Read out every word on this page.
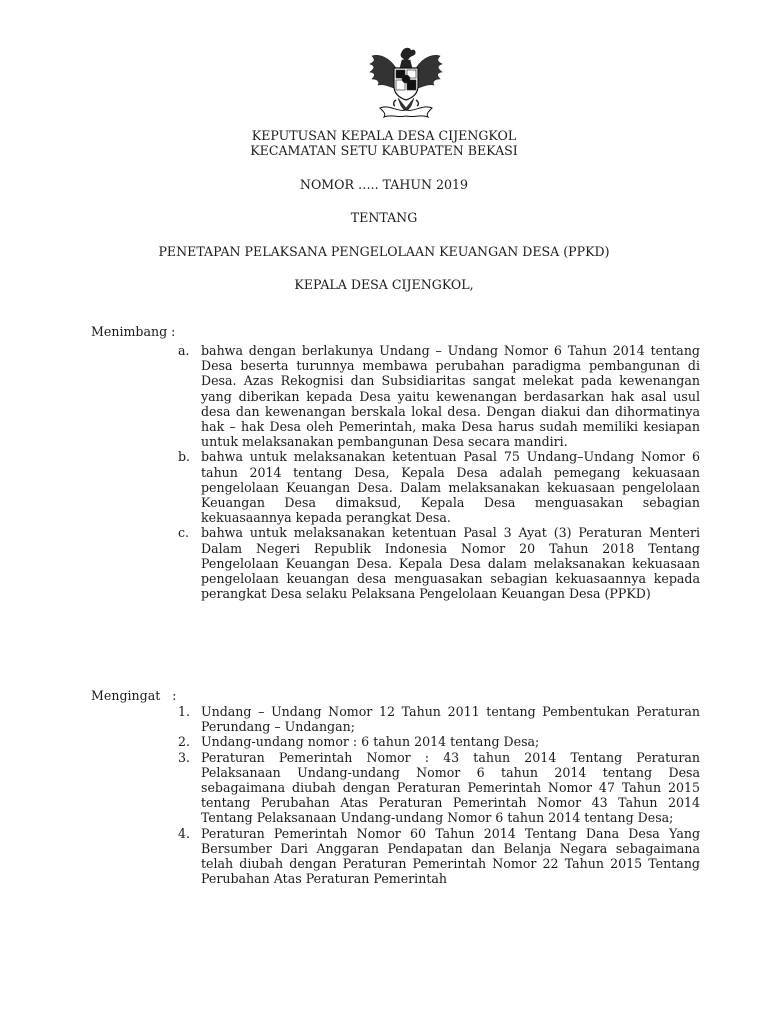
KEPUTUSAN KEPALA DESA CIJENGKOL
KECAMATAN SETU KABUPATEN BEKASI
NOMOR ….. TAHUN 2019
TENTANG
PENETAPAN PELAKSANA PENGELOLAAN KEUANGAN DESA (PPKD)
KEPALA DESA CIJENGKOL,
Menimbang :
a. bahwa dengan berlakunya Undang – Undang Nomor 6 Tahun 2014 tentang Desa beserta turunnya membawa perubahan paradigma pembangunan di Desa. Azas Rekognisi dan Subsidiaritas sangat melekat pada kewenangan yang diberikan kepada Desa yaitu kewenangan berdasarkan hak asal usul desa dan kewenangan berskala lokal desa. Dengan diakui dan dihormatinya hak – hak Desa oleh Pemerintah, maka Desa harus sudah memiliki kesiapan untuk melaksanakan pembangunan Desa secara mandiri.
b. bahwa untuk melaksanakan ketentuan Pasal 75 Undang–Undang Nomor 6 tahun 2014 tentang Desa, Kepala Desa adalah pemegang kekuasaan pengelolaan Keuangan Desa. Dalam melaksanakan kekuasaan pengelolaan Keuangan Desa dimaksud, Kepala Desa menguasakan sebagian kekuasaannya kepada perangkat Desa.
c. bahwa untuk melaksanakan ketentuan Pasal 3 Ayat (3) Peraturan Menteri Dalam Negeri Republik Indonesia Nomor 20 Tahun 2018 Tentang Pengelolaan Keuangan Desa. Kepala Desa dalam melaksanakan kekuasaan pengelolaan keuangan desa menguasakan sebagian kekuasaannya kepada perangkat Desa selaku Pelaksana Pengelolaan Keuangan Desa (PPKD)
Mengingat   :
1. Undang – Undang Nomor 12 Tahun 2011 tentang Pembentukan Peraturan Perundang – Undangan;
2. Undang-undang nomor : 6 tahun 2014 tentang Desa;
3. Peraturan Pemerintah Nomor : 43 tahun 2014 Tentang Peraturan Pelaksanaan Undang-undang Nomor 6 tahun 2014 tentang Desa sebagaimana diubah dengan Peraturan Pemerintah Nomor 47 Tahun 2015 tentang Perubahan Atas Peraturan Pemerintah Nomor 43 Tahun 2014 Tentang Pelaksanaan Undang-undang Nomor 6 tahun 2014 tentang Desa;
4. Peraturan Pemerintah Nomor 60 Tahun 2014 Tentang Dana Desa Yang Bersumber Dari Anggaran Pendapatan dan Belanja Negara sebagaimana telah diubah dengan Peraturan Pemerintah Nomor 22 Tahun 2015 Tentang Perubahan Atas Peraturan Pemerintah
